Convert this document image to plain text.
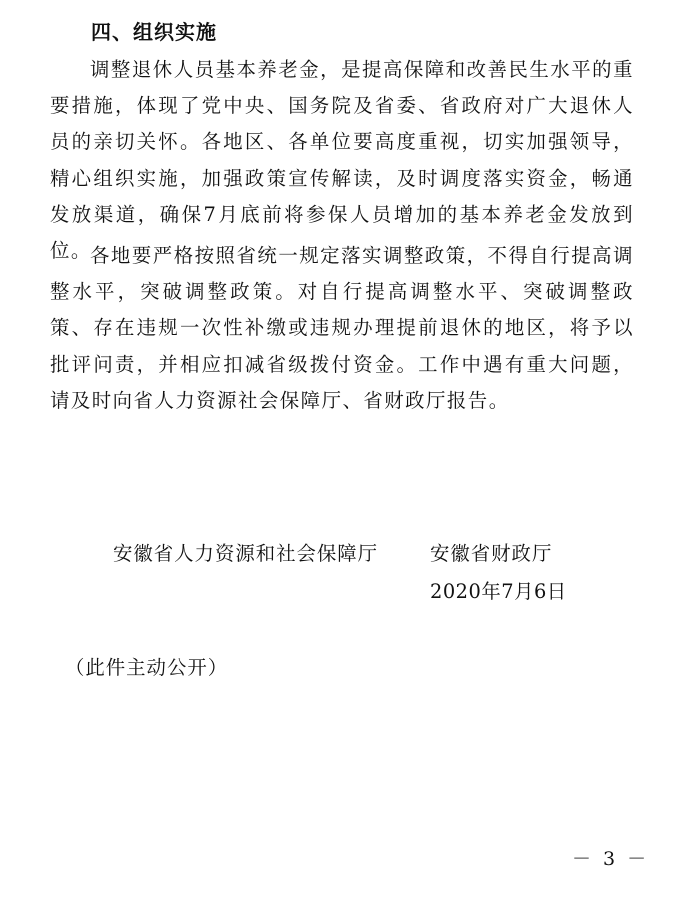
四、组织实施

调整退休人员基本养老金，是提高保障和改善民生水平的重要措施，体现了党中央、国务院及省委、省政府对广大退休人员的亲切关怀。各地区、各单位要高度重视，切实加强领导，精心组织实施，加强政策宣传解读，及时调度落实资金，畅通发放渠道，确保7月底前将参保人员增加的基本养老金发放到位。

各地要严格按照省统一规定落实调整政策，不得自行提高调整水平，突破调整政策。对自行提高调整水平、突破调整政策、存在违规一次性补缴或违规办理提前退休的地区，将予以批评问责，并相应扣减省级拨付资金。工作中遇有重大问题，请及时向省人力资源社会保障厅、省财政厅报告。

安徽省人力资源和社会保障厅	安徽省财政厅

2020年7月6日

（此件主动公开）

－ 3 －
